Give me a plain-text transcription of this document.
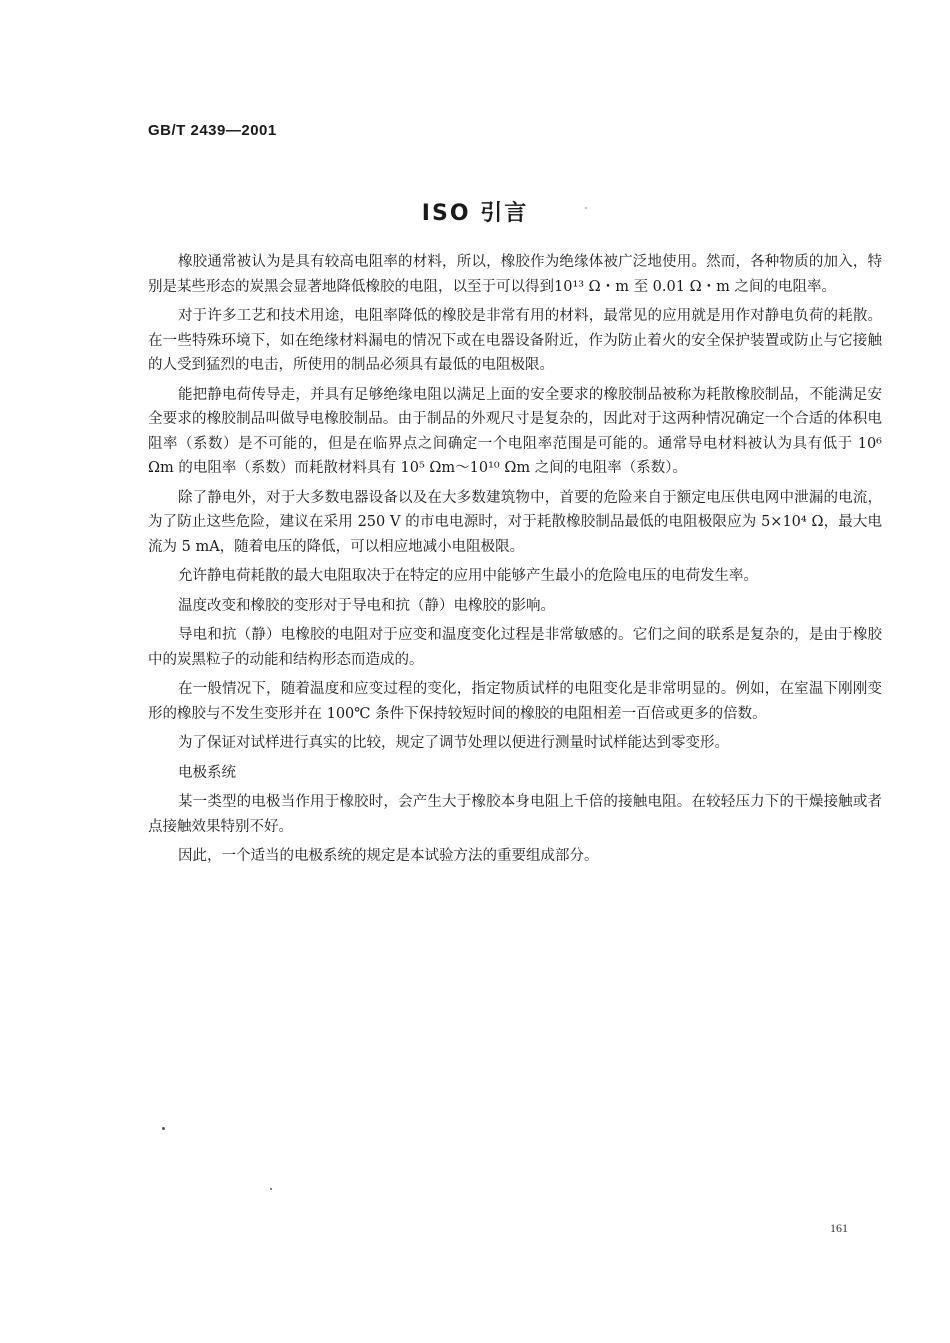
GB/T 2439—2001
ISO 引言

橡胶通常被认为是具有较高电阻率的材料，所以，橡胶作为绝缘体被广泛地使用。然而，各种物质的加入，特别是某些形态的炭黑会显著地降低橡胶的电阻，以至于可以得到10¹³ Ω・m 至 0.01 Ω・m 之间的电阻率。

对于许多工艺和技术用途，电阻率降低的橡胶是非常有用的材料，最常见的应用就是用作对静电负荷的耗散。在一些特殊环境下，如在绝缘材料漏电的情况下或在电器设备附近，作为防止着火的安全保护装置或防止与它接触的人受到猛烈的电击，所使用的制品必须具有最低的电阻极限。

能把静电荷传导走，并具有足够绝缘电阻以满足上面的安全要求的橡胶制品被称为耗散橡胶制品，不能满足安全要求的橡胶制品叫做导电橡胶制品。由于制品的外观尺寸是复杂的，因此对于这两种情况确定一个合适的体积电阻率（系数）是不可能的，但是在临界点之间确定一个电阻率范围是可能的。通常导电材料被认为具有低于 10⁶ Ωm 的电阻率（系数）而耗散材料具有 10⁵ Ωm～10¹⁰ Ωm 之间的电阻率（系数）。

除了静电外，对于大多数电器设备以及在大多数建筑物中，首要的危险来自于额定电压供电网中泄漏的电流，为了防止这些危险，建议在采用 250 V 的市电电源时，对于耗散橡胶制品最低的电阻极限应为 5×10⁴ Ω，最大电流为 5 mA，随着电压的降低，可以相应地减小电阻极限。

允许静电荷耗散的最大电阻取决于在特定的应用中能够产生最小的危险电压的电荷发生率。

温度改变和橡胶的变形对于导电和抗（静）电橡胶的影响。

导电和抗（静）电橡胶的电阻对于应变和温度变化过程是非常敏感的。它们之间的联系是复杂的，是由于橡胶中的炭黑粒子的动能和结构形态而造成的。

在一般情况下，随着温度和应变过程的变化，指定物质试样的电阻变化是非常明显的。例如，在室温下刚刚变形的橡胶与不发生变形并在 100℃ 条件下保持较短时间的橡胶的电阻相差一百倍或更多的倍数。

为了保证对试样进行真实的比较，规定了调节处理以便进行测量时试样能达到零变形。

电极系统

某一类型的电极当作用于橡胶时，会产生大于橡胶本身电阻上千倍的接触电阻。在较轻压力下的干燥接触或者点接触效果特别不好。

因此，一个适当的电极系统的规定是本试验方法的重要组成部分。

161
